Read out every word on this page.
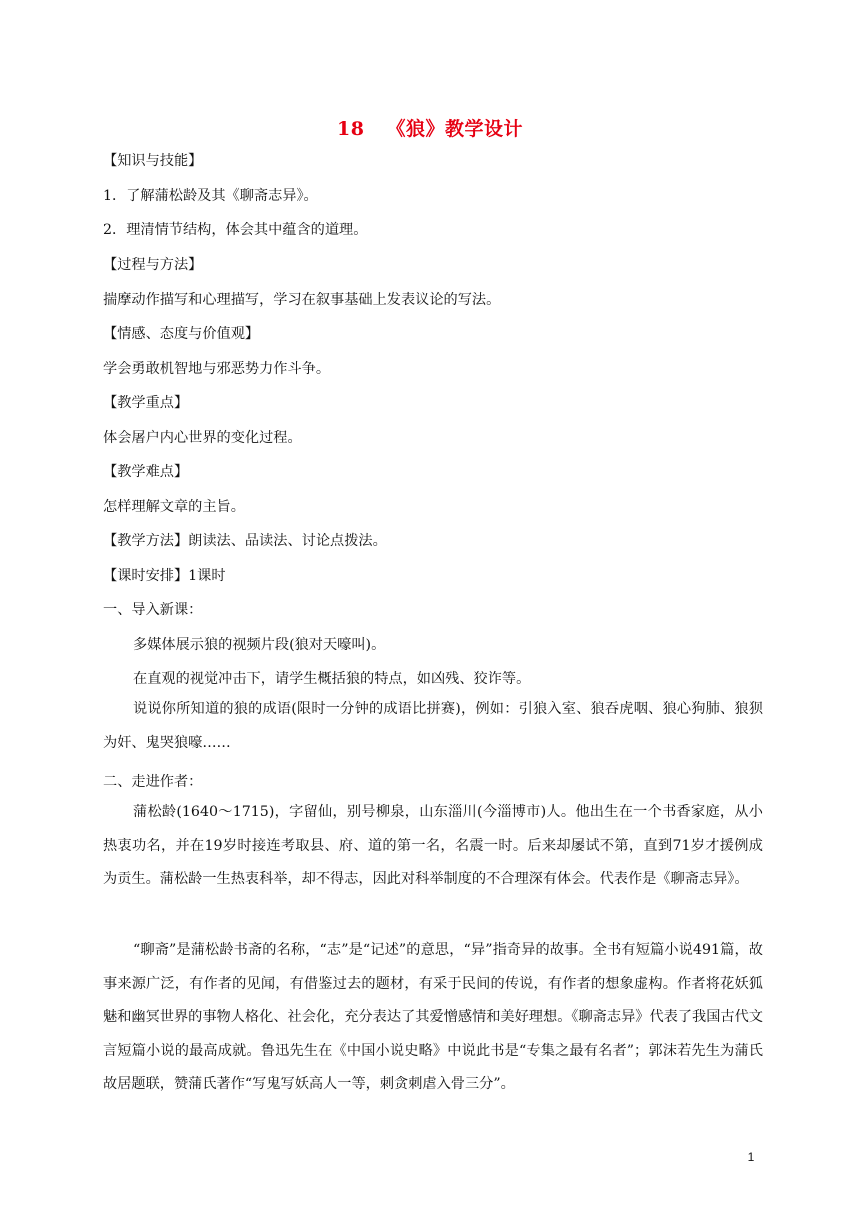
18 《狼》教学设计
【知识与技能】
1．了解蒲松龄及其《聊斋志异》。
2．理清情节结构，体会其中蕴含的道理。
【过程与方法】
揣摩动作描写和心理描写，学习在叙事基础上发表议论的写法。
【情感、态度与价值观】
学会勇敢机智地与邪恶势力作斗争。
【教学重点】
体会屠户内心世界的变化过程。
【教学难点】
怎样理解文章的主旨。
【教学方法】朗读法、品读法、讨论点拨法。
【课时安排】1课时
一、导入新课：
多媒体展示狼的视频片段(狼对天嚎叫)。
在直观的视觉冲击下，请学生概括狼的特点，如凶残、狡诈等。
说说你所知道的狼的成语(限时一分钟的成语比拼赛)，例如：引狼入室、狼吞虎咽、狼心狗肺、狼狈为奸、鬼哭狼嚎……
二、走进作者：
蒲松龄(1640～1715)，字留仙，别号柳泉，山东淄川(今淄博市)人。他出生在一个书香家庭，从小热衷功名，并在19岁时接连考取县、府、道的第一名，名震一时。后来却屡试不第，直到71岁才援例成为贡生。蒲松龄一生热衷科举，却不得志，因此对科举制度的不合理深有体会。代表作是《聊斋志异》。
“聊斋”是蒲松龄书斋的名称，“志”是“记述”的意思，“异”指奇异的故事。全书有短篇小说491篇，故事来源广泛，有作者的见闻，有借鉴过去的题材，有采于民间的传说，有作者的想象虚构。作者将花妖狐魅和幽冥世界的事物人格化、社会化，充分表达了其爱憎感情和美好理想。《聊斋志异》代表了我国古代文言短篇小说的最高成就。鲁迅先生在《中国小说史略》中说此书是“专集之最有名者”；郭沫若先生为蒲氏故居题联，赞蒲氏著作“写鬼写妖高人一等，刺贪刺虐入骨三分”。
1
